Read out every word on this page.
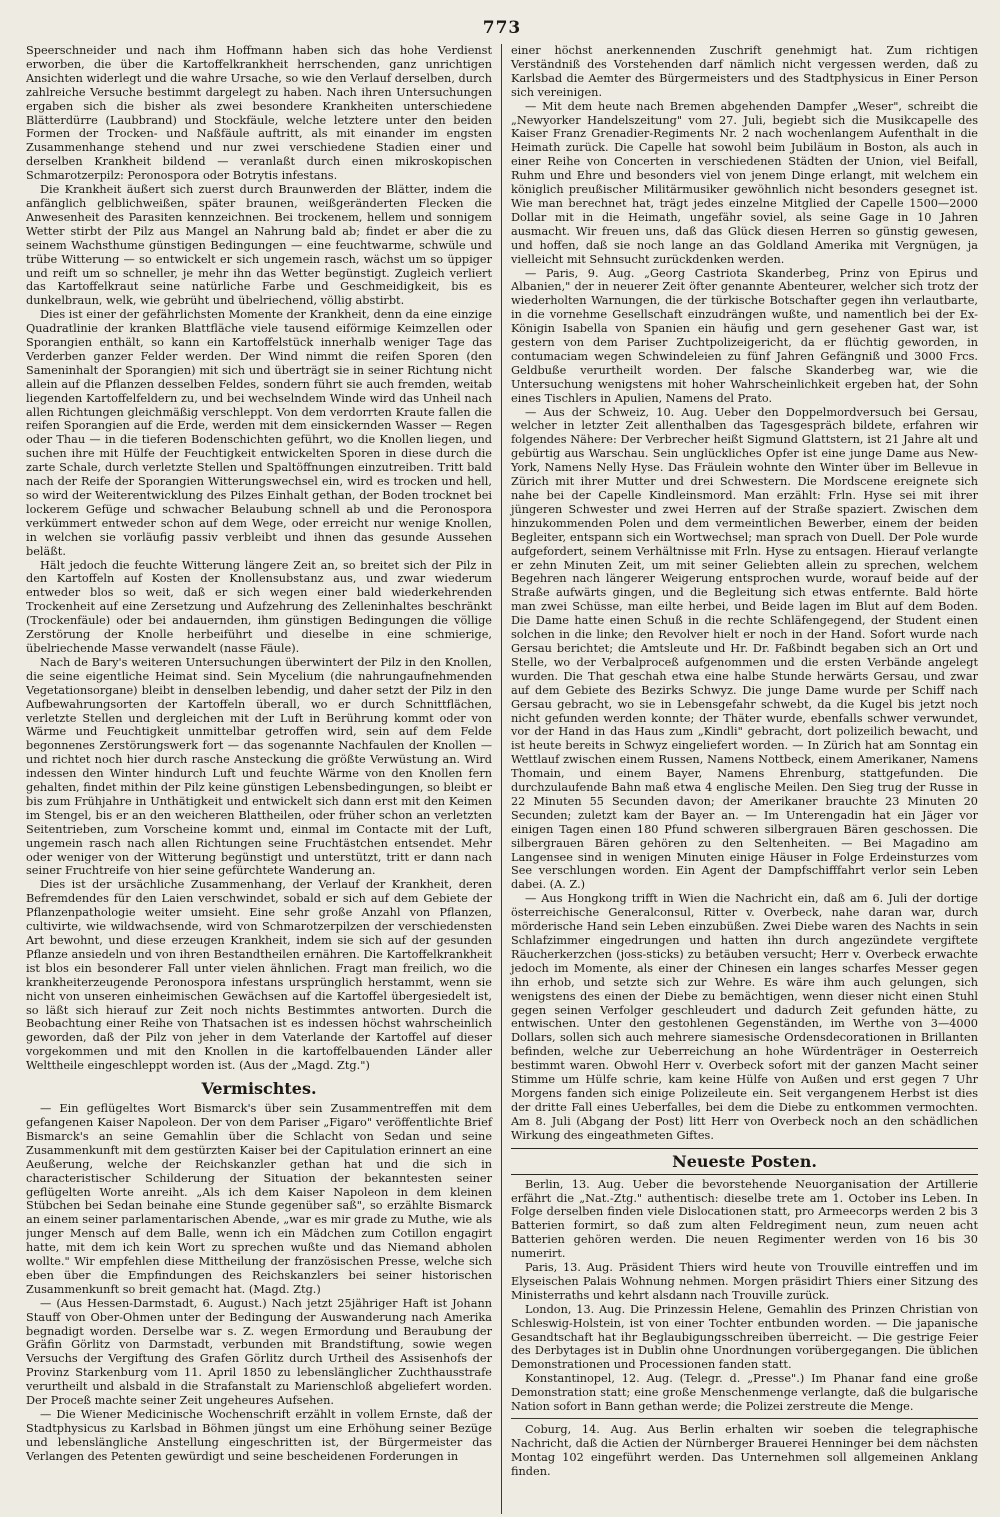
773

Speerschneider und nach ihm Hoffmann haben sich das hohe Verdienst erworben, die über die Kartoffelkrankheit herrschenden, ganz unrichtigen Ansichten widerlegt und die wahre Ursache, so wie den Verlauf derselben, durch zahlreiche Versuche bestimmt dargelegt zu haben. Nach ihren Untersuchungen ergaben sich die bisher als zwei besondere Krankheiten unterschiedene Blätterdürre (Laubbrand) und Stockfäule, welche letztere unter den beiden Formen der Trocken- und Naßfäule auftritt, als mit einander im engsten Zusammenhange stehend und nur zwei verschiedene Stadien einer und derselben Krankheit bildend — veranlaßt durch einen mikroskopischen Schmarotzerpilz: Peronospora oder Botrytis infestans.

Die Krankheit äußert sich zuerst durch Braunwerden der Blätter, indem die anfänglich gelblichweißen, später braunen, weißgeränderten Flecken die Anwesenheit des Parasiten kennzeichnen. Bei trockenem, hellem und sonnigem Wetter stirbt der Pilz aus Mangel an Nahrung bald ab; findet er aber die zu seinem Wachsthume günstigen Bedingungen — eine feuchtwarme, schwüle und trübe Witterung — so entwickelt er sich ungemein rasch, wächst um so üppiger und reift um so schneller, je mehr ihn das Wetter begünstigt. Zugleich verliert das Kartoffelkraut seine natürliche Farbe und Geschmeidigkeit, bis es dunkelbraun, welk, wie gebrüht und übelriechend, völlig abstirbt.

Dies ist einer der gefährlichsten Momente der Krankheit, denn da eine einzige Quadratlinie der kranken Blattfläche viele tausend eiförmige Keimzellen oder Sporangien enthält, so kann ein Kartoffelstück innerhalb weniger Tage das Verderben ganzer Felder werden. Der Wind nimmt die reifen Sporen (den Sameninhalt der Sporangien) mit sich und überträgt sie in seiner Richtung nicht allein auf die Pflanzen desselben Feldes, sondern führt sie auch fremden, weitab liegenden Kartoffelfeldern zu, und bei wechselndem Winde wird das Unheil nach allen Richtungen gleichmäßig verschleppt. Von dem verdorrten Kraute fallen die reifen Sporangien auf die Erde, werden mit dem einsickernden Wasser — Regen oder Thau — in die tieferen Bodenschichten geführt, wo die Knollen liegen, und suchen ihre mit Hülfe der Feuchtigkeit entwickelten Sporen in diese durch die zarte Schale, durch verletzte Stellen und Spaltöffnungen einzutreiben. Tritt bald nach der Reife der Sporangien Witterungswechsel ein, wird es trocken und hell, so wird der Weiterentwicklung des Pilzes Einhalt gethan, der Boden trocknet bei lockerem Gefüge und schwacher Belaubung schnell ab und die Peronospora verkümmert entweder schon auf dem Wege, oder erreicht nur wenige Knollen, in welchen sie vorläufig passiv verbleibt und ihnen das gesunde Aussehen beläßt.

Hält jedoch die feuchte Witterung längere Zeit an, so breitet sich der Pilz in den Kartoffeln auf Kosten der Knollensubstanz aus, und zwar wiederum entweder blos so weit, daß er sich wegen einer bald wiederkehrenden Trockenheit auf eine Zersetzung und Aufzehrung des Zelleninhaltes beschränkt (Trockenfäule) oder bei andauernden, ihm günstigen Bedingungen die völlige Zerstörung der Knolle herbeiführt und dieselbe in eine schmierige, übelriechende Masse verwandelt (nasse Fäule).

Nach de Bary's weiteren Untersuchungen überwintert der Pilz in den Knollen, die seine eigentliche Heimat sind. Sein Mycelium (die nahrungaufnehmenden Vegetationsorgane) bleibt in denselben lebendig, und daher setzt der Pilz in den Aufbewahrungsorten der Kartoffeln überall, wo er durch Schnittflächen, verletzte Stellen und dergleichen mit der Luft in Berührung kommt oder von Wärme und Feuchtigkeit unmittelbar getroffen wird, sein auf dem Felde begonnenes Zerstörungswerk fort — das sogenannte Nachfaulen der Knollen — und richtet noch hier durch rasche Ansteckung die größte Verwüstung an. Wird indessen den Winter hindurch Luft und feuchte Wärme von den Knollen fern gehalten, findet mithin der Pilz keine günstigen Lebensbedingungen, so bleibt er bis zum Frühjahre in Unthätigkeit und entwickelt sich dann erst mit den Keimen im Stengel, bis er an den weicheren Blattheilen, oder früher schon an verletzten Seitentrieben, zum Vorscheine kommt und, einmal im Contacte mit der Luft, ungemein rasch nach allen Richtungen seine Fruchtästchen entsendet. Mehr oder weniger von der Witterung begünstigt und unterstützt, tritt er dann nach seiner Fruchtreife von hier seine gefürchtete Wanderung an.

Dies ist der ursächliche Zusammenhang, der Verlauf der Krankheit, deren Befremdendes für den Laien verschwindet, sobald er sich auf dem Gebiete der Pflanzenpathologie weiter umsieht. Eine sehr große Anzahl von Pflanzen, cultivirte, wie wildwachsende, wird von Schmarotzerpilzen der verschiedensten Art bewohnt, und diese erzeugen Krankheit, indem sie sich auf der gesunden Pflanze ansiedeln und von ihren Bestandtheilen ernähren. Die Kartoffelkrankheit ist blos ein besonderer Fall unter vielen ähnlichen. Fragt man freilich, wo die krankheiterzeugende Peronospora infestans ursprünglich herstammt, wenn sie nicht von unseren einheimischen Gewächsen auf die Kartoffel übergesiedelt ist, so läßt sich hierauf zur Zeit noch nichts Bestimmtes antworten. Durch die Beobachtung einer Reihe von Thatsachen ist es indessen höchst wahrscheinlich geworden, daß der Pilz von jeher in dem Vaterlande der Kartoffel auf dieser vorgekommen und mit den Knollen in die kartoffelbauenden Länder aller Welttheile eingeschleppt worden ist. (Aus der „Magd. Ztg.")

Vermischtes.

— Ein geflügeltes Wort Bismarck's über sein Zusammentreffen mit dem gefangenen Kaiser Napoleon. Der von dem Pariser „Figaro" veröffentlichte Brief Bismarck's an seine Gemahlin über die Schlacht von Sedan und seine Zusammenkunft mit dem gestürzten Kaiser bei der Capitulation erinnert an eine Aeußerung, welche der Reichskanzler gethan hat und die sich in characteristischer Schilderung der Situation der bekanntesten seiner geflügelten Worte anreiht. „Als ich dem Kaiser Napoleon in dem kleinen Stübchen bei Sedan beinahe eine Stunde gegenüber saß", so erzählte Bismarck an einem seiner parlamentarischen Abende, „war es mir grade zu Muthe, wie als junger Mensch auf dem Balle, wenn ich ein Mädchen zum Cotillon engagirt hatte, mit dem ich kein Wort zu sprechen wußte und das Niemand abholen wollte." Wir empfehlen diese Mittheilung der französischen Presse, welche sich eben über die Empfindungen des Reichskanzlers bei seiner historischen Zusammenkunft so breit gemacht hat. (Magd. Ztg.)

— (Aus Hessen-Darmstadt, 6. August.) Nach jetzt 25jähriger Haft ist Johann Stauff von Ober-Ohmen unter der Bedingung der Auswanderung nach Amerika begnadigt worden. Derselbe war s. Z. wegen Ermordung und Beraubung der Gräfin Görlitz von Darmstadt, verbunden mit Brandstiftung, sowie wegen Versuchs der Vergiftung des Grafen Görlitz durch Urtheil des Assisenhofs der Provinz Starkenburg vom 11. April 1850 zu lebenslänglicher Zuchthausstrafe verurtheilt und alsbald in die Strafanstalt zu Marienschloß abgeliefert worden. Der Proceß machte seiner Zeit ungeheures Aufsehen.

— Die Wiener Medicinische Wochenschrift erzählt in vollem Ernste, daß der Stadtphysicus zu Karlsbad in Böhmen jüngst um eine Erhöhung seiner Bezüge und lebenslängliche Anstellung eingeschritten ist, der Bürgermeister das Verlangen des Petenten gewürdigt und seine bescheidenen Forderungen in

einer höchst anerkennenden Zuschrift genehmigt hat. Zum richtigen Verständniß des Vorstehenden darf nämlich nicht vergessen werden, daß zu Karlsbad die Aemter des Bürgermeisters und des Stadtphysicus in Einer Person sich vereinigen.

— Mit dem heute nach Bremen abgehenden Dampfer „Weser", schreibt die „Newyorker Handelszeitung" vom 27. Juli, begiebt sich die Musikcapelle des Kaiser Franz Grenadier-Regiments Nr. 2 nach wochenlangem Aufenthalt in die Heimath zurück. Die Capelle hat sowohl beim Jubiläum in Boston, als auch in einer Reihe von Concerten in verschiedenen Städten der Union, viel Beifall, Ruhm und Ehre und besonders viel von jenem Dinge erlangt, mit welchem ein königlich preußischer Militärmusiker gewöhnlich nicht besonders gesegnet ist. Wie man berechnet hat, trägt jedes einzelne Mitglied der Capelle 1500—2000 Dollar mit in die Heimath, ungefähr soviel, als seine Gage in 10 Jahren ausmacht. Wir freuen uns, daß das Glück diesen Herren so günstig gewesen, und hoffen, daß sie noch lange an das Goldland Amerika mit Vergnügen, ja vielleicht mit Sehnsucht zurückdenken werden.

— Paris, 9. Aug. „Georg Castriota Skanderbeg, Prinz von Epirus und Albanien," der in neuerer Zeit öfter genannte Abenteurer, welcher sich trotz der wiederholten Warnungen, die der türkische Botschafter gegen ihn verlautbarte, in die vornehme Gesellschaft einzudrängen wußte, und namentlich bei der Ex-Königin Isabella von Spanien ein häufig und gern gesehener Gast war, ist gestern von dem Pariser Zuchtpolizeigericht, da er flüchtig geworden, in contumaciam wegen Schwindeleien zu fünf Jahren Gefängniß und 3000 Frcs. Geldbuße verurtheilt worden. Der falsche Skanderbeg war, wie die Untersuchung wenigstens mit hoher Wahrscheinlichkeit ergeben hat, der Sohn eines Tischlers in Apulien, Namens del Prato.

— Aus der Schweiz, 10. Aug. Ueber den Doppelmordversuch bei Gersau, welcher in letzter Zeit allenthalben das Tagesgespräch bildete, erfahren wir folgendes Nähere: Der Verbrecher heißt Sigmund Glattstern, ist 21 Jahre alt und gebürtig aus Warschau. Sein unglückliches Opfer ist eine junge Dame aus New-York, Namens Nelly Hyse. Das Fräulein wohnte den Winter über im Bellevue in Zürich mit ihrer Mutter und drei Schwestern. Die Mordscene ereignete sich nahe bei der Capelle Kindleinsmord. Man erzählt: Frln. Hyse sei mit ihrer jüngeren Schwester und zwei Herren auf der Straße spaziert. Zwischen dem hinzukommenden Polen und dem vermeintlichen Bewerber, einem der beiden Begleiter, entspann sich ein Wortwechsel; man sprach von Duell. Der Pole wurde aufgefordert, seinem Verhältnisse mit Frln. Hyse zu entsagen. Hierauf verlangte er zehn Minuten Zeit, um mit seiner Geliebten allein zu sprechen, welchem Begehren nach längerer Weigerung entsprochen wurde, worauf beide auf der Straße aufwärts gingen, und die Begleitung sich etwas entfernte. Bald hörte man zwei Schüsse, man eilte herbei, und Beide lagen im Blut auf dem Boden. Die Dame hatte einen Schuß in die rechte Schläfengegend, der Student einen solchen in die linke; den Revolver hielt er noch in der Hand. Sofort wurde nach Gersau berichtet; die Amtsleute und Hr. Dr. Faßbindt begaben sich an Ort und Stelle, wo der Verbalproceß aufgenommen und die ersten Verbände angelegt wurden. Die That geschah etwa eine halbe Stunde herwärts Gersau, und zwar auf dem Gebiete des Bezirks Schwyz. Die junge Dame wurde per Schiff nach Gersau gebracht, wo sie in Lebensgefahr schwebt, da die Kugel bis jetzt noch nicht gefunden werden konnte; der Thäter wurde, ebenfalls schwer verwundet, vor der Hand in das Haus zum „Kindli" gebracht, dort polizeilich bewacht, und ist heute bereits in Schwyz eingeliefert worden. — In Zürich hat am Sonntag ein Wettlauf zwischen einem Russen, Namens Nottbeck, einem Amerikaner, Namens Thomain, und einem Bayer, Namens Ehrenburg, stattgefunden. Die durchzulaufende Bahn maß etwa 4 englische Meilen. Den Sieg trug der Russe in 22 Minuten 55 Secunden davon; der Amerikaner brauchte 23 Minuten 20 Secunden; zuletzt kam der Bayer an. — Im Unterengadin hat ein Jäger vor einigen Tagen einen 180 Pfund schweren silbergrauen Bären geschossen. Die silbergrauen Bären gehören zu den Seltenheiten. — Bei Magadino am Langensee sind in wenigen Minuten einige Häuser in Folge Erdeinsturzes vom See verschlungen worden. Ein Agent der Dampfschifffahrt verlor sein Leben dabei. (A. Z.)

— Aus Hongkong trifft in Wien die Nachricht ein, daß am 6. Juli der dortige österreichische Generalconsul, Ritter v. Overbeck, nahe daran war, durch mörderische Hand sein Leben einzubüßen. Zwei Diebe waren des Nachts in sein Schlafzimmer eingedrungen und hatten ihn durch angezündete vergiftete Räucherkerzchen (joss-sticks) zu betäuben versucht; Herr v. Overbeck erwachte jedoch im Momente, als einer der Chinesen ein langes scharfes Messer gegen ihn erhob, und setzte sich zur Wehre. Es wäre ihm auch gelungen, sich wenigstens des einen der Diebe zu bemächtigen, wenn dieser nicht einen Stuhl gegen seinen Verfolger geschleudert und dadurch Zeit gefunden hätte, zu entwischen. Unter den gestohlenen Gegenständen, im Werthe von 3—4000 Dollars, sollen sich auch mehrere siamesische Ordensdecorationen in Brillanten befinden, welche zur Ueberreichung an hohe Würdenträger in Oesterreich bestimmt waren. Obwohl Herr v. Overbeck sofort mit der ganzen Macht seiner Stimme um Hülfe schrie, kam keine Hülfe von Außen und erst gegen 7 Uhr Morgens fanden sich einige Polizeileute ein. Seit vergangenem Herbst ist dies der dritte Fall eines Ueberfalles, bei dem die Diebe zu entkommen vermochten. Am 8. Juli (Abgang der Post) litt Herr von Overbeck noch an den schädlichen Wirkung des eingeathmeten Giftes.

Neueste Posten.

Berlin, 13. Aug. Ueber die bevorstehende Neuorganisation der Artillerie erfährt die „Nat.-Ztg." authentisch: dieselbe trete am 1. October ins Leben. In Folge derselben finden viele Dislocationen statt, pro Armeecorps werden 2 bis 3 Batterien formirt, so daß zum alten Feldregiment neun, zum neuen acht Batterien gehören werden. Die neuen Regimenter werden von 16 bis 30 numerirt.

Paris, 13. Aug. Präsident Thiers wird heute von Trouville eintreffen und im Elyseischen Palais Wohnung nehmen. Morgen präsidirt Thiers einer Sitzung des Ministerraths und kehrt alsdann nach Trouville zurück.

London, 13. Aug. Die Prinzessin Helene, Gemahlin des Prinzen Christian von Schleswig-Holstein, ist von einer Tochter entbunden worden. — Die japanische Gesandtschaft hat ihr Beglaubigungsschreiben überreicht. — Die gestrige Feier des Derbytages ist in Dublin ohne Unordnungen vorübergegangen. Die üblichen Demonstrationen und Processionen fanden statt.

Konstantinopel, 12. Aug. (Telegr. d. „Presse".) Im Phanar fand eine große Demonstration statt; eine große Menschenmenge verlangte, daß die bulgarische Nation sofort in Bann gethan werde; die Polizei zerstreute die Menge.

Coburg, 14. Aug. Aus Berlin erhalten wir soeben die telegraphische Nachricht, daß die Actien der Nürnberger Brauerei Henninger bei dem nächsten Montag 102 eingeführt werden. Das Unternehmen soll allgemeinen Anklang finden.
